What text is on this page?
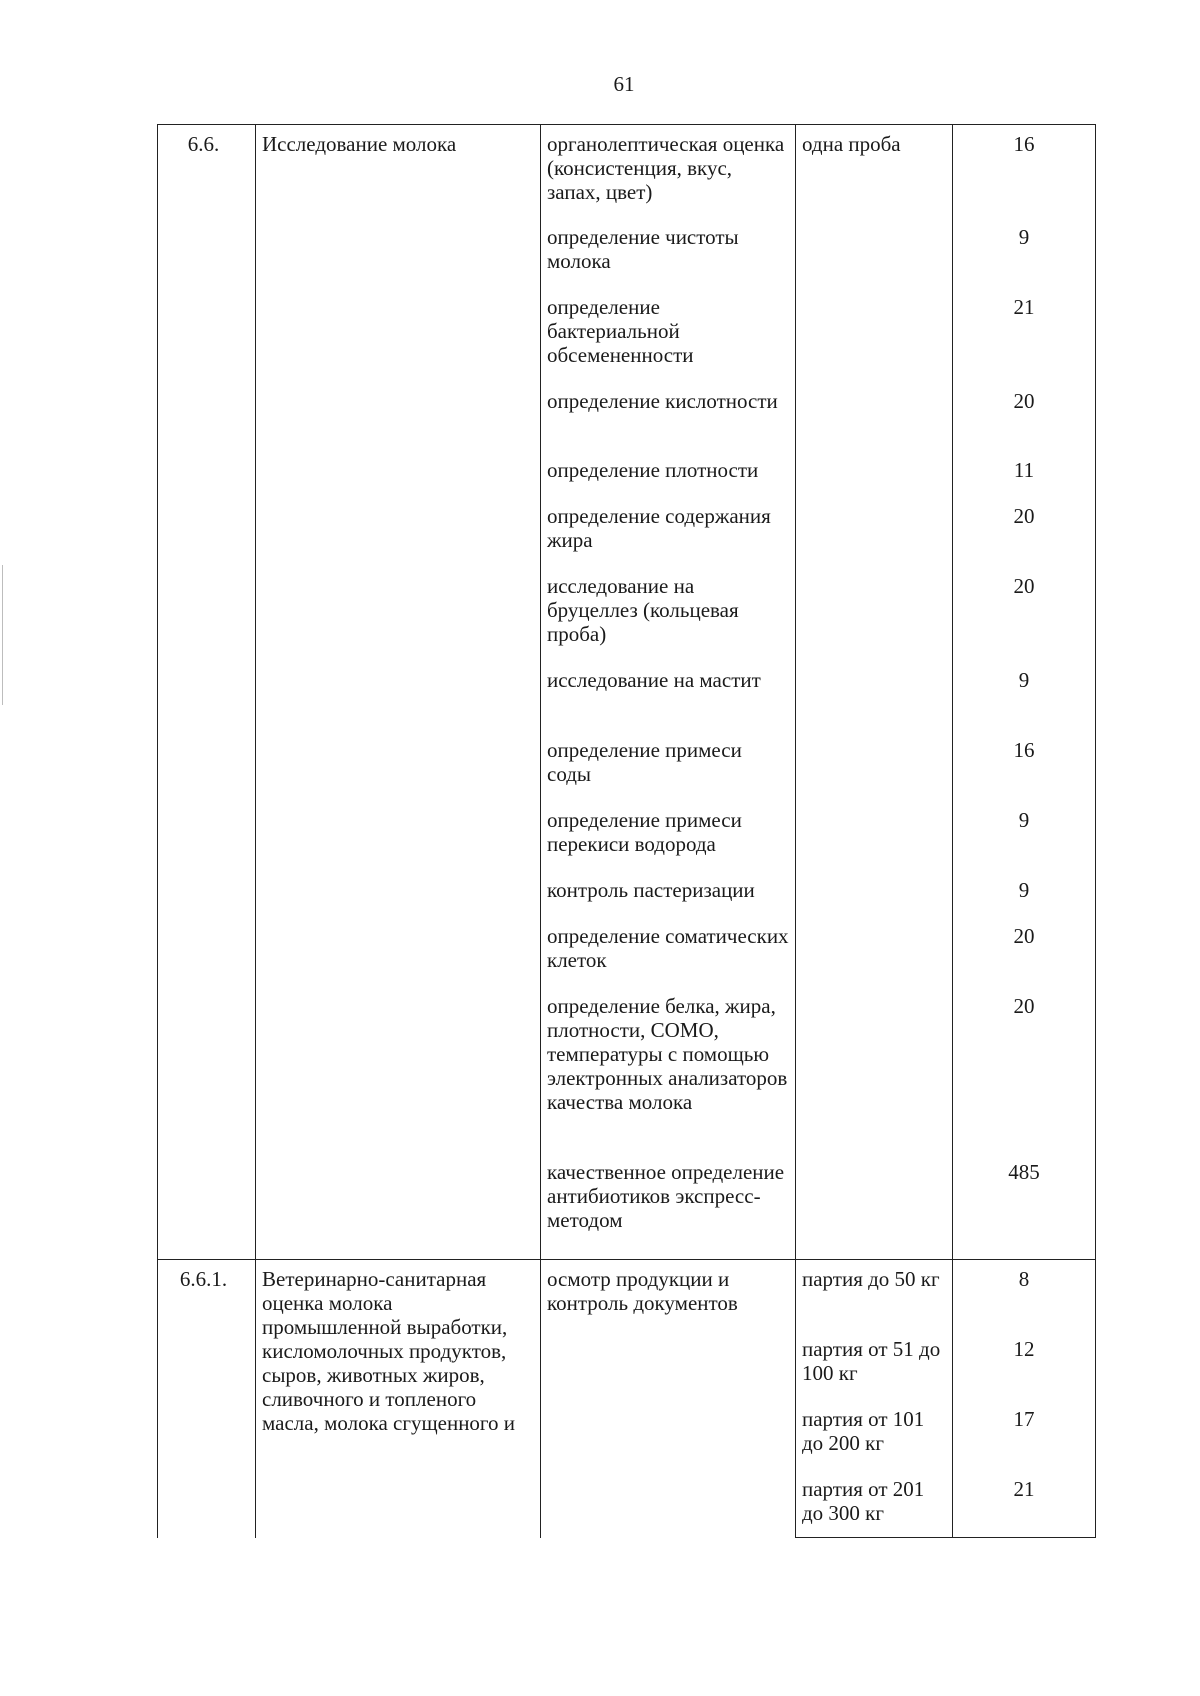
61
6.6.	Исследование молока	органолептическая оценка (консистенция, вкус, запах, цвет)	одна проба	16

		определение чистоты молока		9

		определение бактериальной обсемененности		21

		определение кислотности		20

		определение плотности		11

		определение содержания жира		20

		исследование на бруцеллез (кольцевая проба)		20

		исследование на мастит		9

		определение примеси соды		16

		определение примеси перекиси водорода		9

		контроль пастеризации		9

		определение соматических клеток		20

		определение белка, жира, плотности, СОМО, температуры с помощью электронных анализаторов качества молока		20

		качественное определение антибиотиков экспресс-методом		485

6.6.1.	Ветеринарно-санитарная оценка молока промышленной выработки, кисломолочных продуктов, сыров, животных жиров, сливочного и топленого масла, молока сгущенного и	осмотр продукции и контроль документов	партия до 50 кг	8

			партия от 51 до 100 кг	12

			партия от 101 до 200 кг	17

			партия от 201 до 300 кг	21
